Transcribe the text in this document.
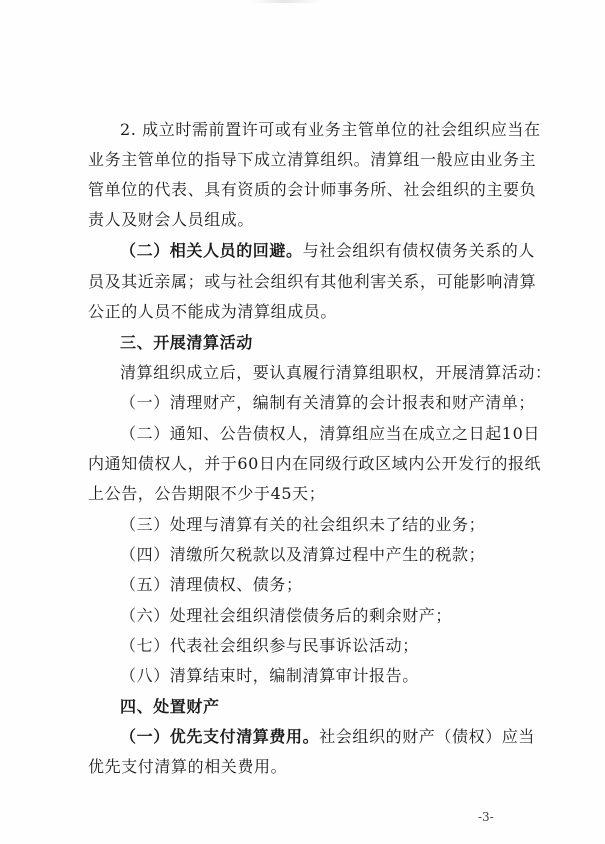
2. 成立时需前置许可或有业务主管单位的社会组织应当在
业务主管单位的指导下成立清算组织。清算组一般应由业务主
管单位的代表、具有资质的会计师事务所、社会组织的主要负
责人及财会人员组成。
（二）相关人员的回避。与社会组织有债权债务关系的人
员及其近亲属；或与社会组织有其他利害关系，可能影响清算
公正的人员不能成为清算组成员。
三、开展清算活动
清算组织成立后，要认真履行清算组职权，开展清算活动：
（一）清理财产，编制有关清算的会计报表和财产清单；
（二）通知、公告债权人，清算组应当在成立之日起10日
内通知债权人，并于60日内在同级行政区域内公开发行的报纸
上公告，公告期限不少于45天；
（三）处理与清算有关的社会组织未了结的业务；
（四）清缴所欠税款以及清算过程中产生的税款；
（五）清理债权、债务；
（六）处理社会组织清偿债务后的剩余财产；
（七）代表社会组织参与民事诉讼活动；
（八）清算结束时，编制清算审计报告。
四、处置财产
（一）优先支付清算费用。社会组织的财产（债权）应当
优先支付清算的相关费用。
-3-
